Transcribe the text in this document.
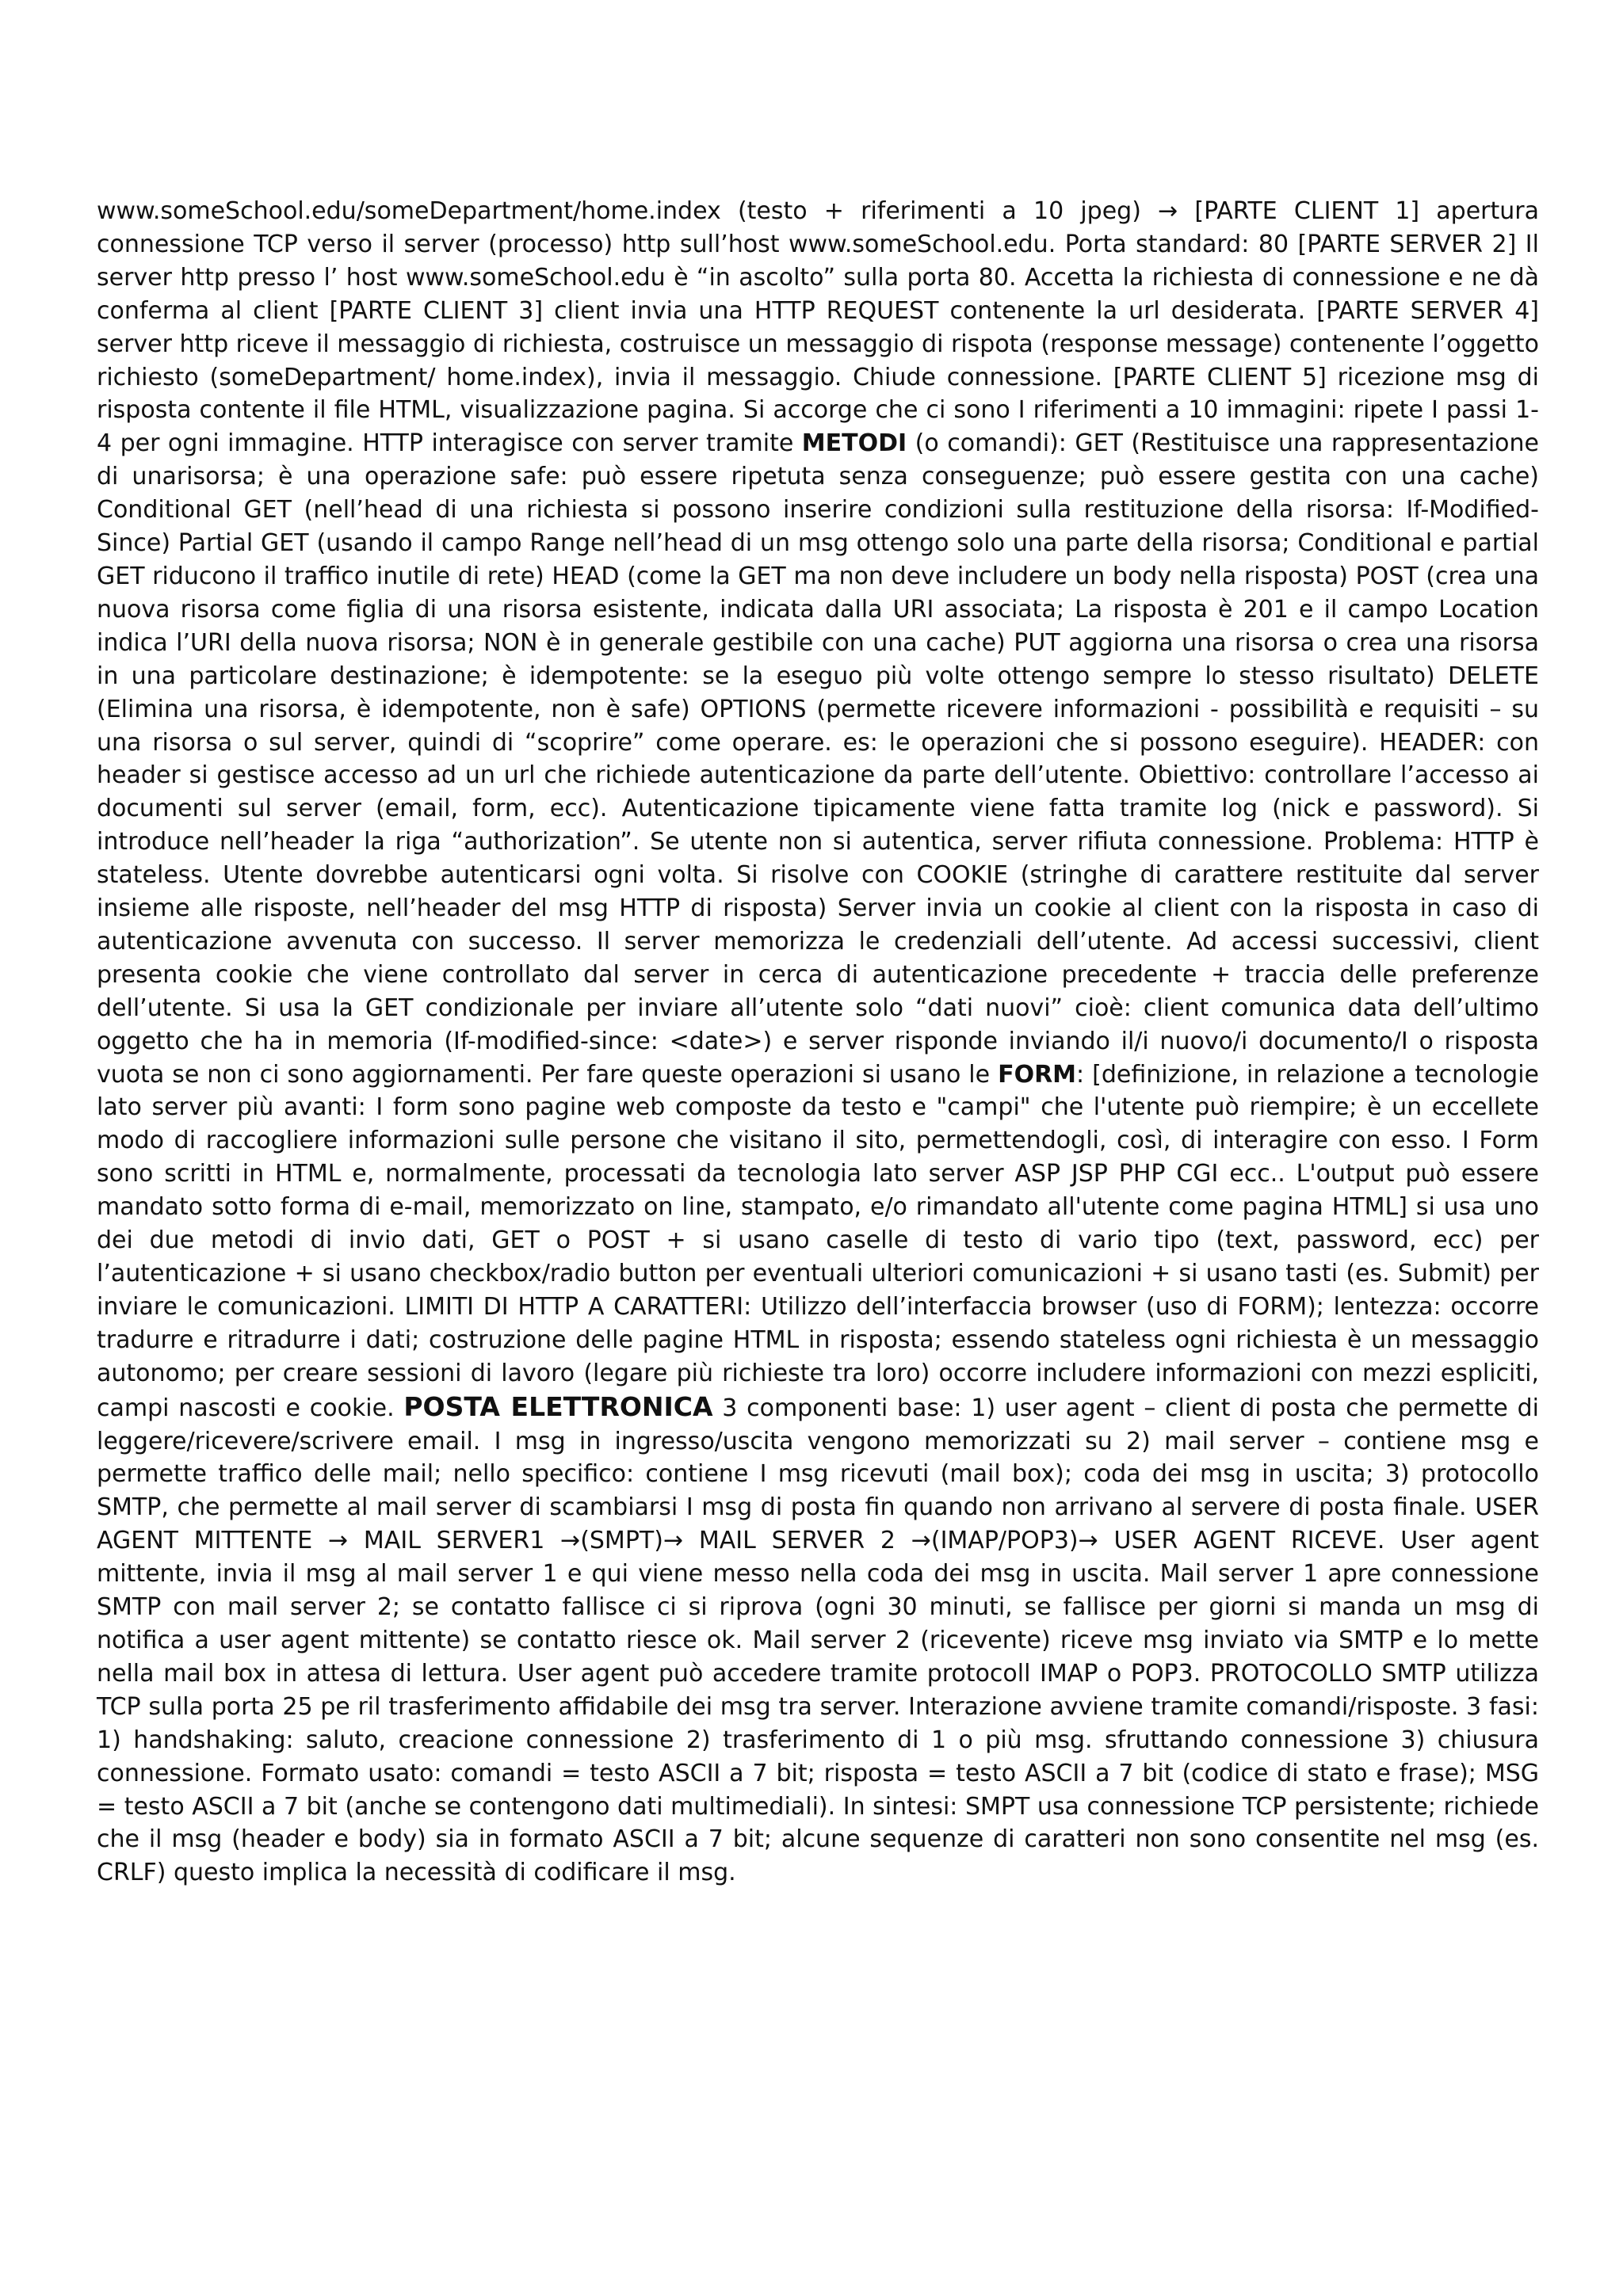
www.someSchool.edu/someDepartment/home.index (testo + riferimenti a 10 jpeg) → [PARTE CLIENT 1] apertura connessione TCP verso il server (processo) http sull’host www.someSchool.edu. Porta standard: 80 [PARTE SERVER 2] Il server http presso l’ host www.someSchool.edu è “in ascolto” sulla porta 80. Accetta la richiesta di connessione e ne dà conferma al client [PARTE CLIENT 3] client invia una HTTP REQUEST contenente la url desiderata. [PARTE SERVER 4] server http riceve il messaggio di richiesta, costruisce un messaggio di rispota (response message) contenente l’oggetto richiesto (someDepartment/ home.index), invia il messaggio. Chiude connessione. [PARTE CLIENT 5] ricezione msg di risposta contente il file HTML, visualizzazione pagina. Si accorge che ci sono I riferimenti a 10 immagini: ripete I passi 1-4 per ogni immagine. HTTP interagisce con server tramite METODI (o comandi): GET (Restituisce una rappresentazione di unarisorsa; è una operazione safe: può essere ripetuta senza conseguenze; può essere gestita con una cache) Conditional GET (nell’head di una richiesta si possono inserire condizioni sulla restituzione della risorsa: If-Modified-Since) Partial GET (usando il campo Range nell’head di un msg ottengo solo una parte della risorsa; Conditional e partial GET riducono il traffico inutile di rete) HEAD (come la GET ma non deve includere un body nella risposta) POST (crea una nuova risorsa come figlia di una risorsa esistente, indicata dalla URI associata; La risposta è 201 e il campo Location indica l’URI della nuova risorsa; NON è in generale gestibile con una cache) PUT aggiorna una risorsa o crea una risorsa in una particolare destinazione; è idempotente: se la eseguo più volte ottengo sempre lo stesso risultato) DELETE (Elimina una risorsa, è idempotente, non è safe) OPTIONS (permette ricevere informazioni - possibilità e requisiti – su una risorsa o sul server, quindi di “scoprire” come operare. es: le operazioni che si possono eseguire). HEADER: con header si gestisce accesso ad un url che richiede autenticazione da parte dell’utente. Obiettivo: controllare l’accesso ai documenti sul server (email, form, ecc). Autenticazione tipicamente viene fatta tramite log (nick e password). Si introduce nell’header la riga “authorization”. Se utente non si autentica, server rifiuta connessione. Problema: HTTP è stateless. Utente dovrebbe autenticarsi ogni volta. Si risolve con COOKIE (stringhe di carattere restituite dal server insieme alle risposte, nell’header del msg HTTP di risposta) Server invia un cookie al client con la risposta in caso di autenticazione avvenuta con successo. Il server memorizza le credenziali dell’utente. Ad accessi successivi, client presenta cookie che viene controllato dal server in cerca di autenticazione precedente + traccia delle preferenze dell’utente. Si usa la GET condizionale per inviare all’utente solo “dati nuovi” cioè: client comunica data dell’ultimo oggetto che ha in memoria (If-modified-since: <date>) e server risponde inviando il/i nuovo/i documento/I o risposta vuota se non ci sono aggiornamenti. Per fare queste operazioni si usano le FORM: [definizione, in relazione a tecnologie lato server più avanti: I form sono pagine web composte da testo e "campi" che l'utente può riempire; è un eccellete modo di raccogliere informazioni sulle persone che visitano il sito, permettendogli, così, di interagire con esso. I Form sono scritti in HTML e, normalmente, processati da tecnologia lato server ASP JSP PHP CGI ecc.. L'output può essere mandato sotto forma di e-mail, memorizzato on line, stampato, e/o rimandato all'utente come pagina HTML] si usa uno dei due metodi di invio dati, GET o POST + si usano caselle di testo di vario tipo (text, password, ecc) per l’autenticazione + si usano checkbox/radio button per eventuali ulteriori comunicazioni + si usano tasti (es. Submit) per inviare le comunicazioni. LIMITI DI HTTP A CARATTERI: Utilizzo dell’interfaccia browser (uso di FORM); lentezza: occorre tradurre e ritradurre i dati; costruzione delle pagine HTML in risposta; essendo stateless ogni richiesta è un messaggio autonomo; per creare sessioni di lavoro (legare più richieste tra loro) occorre includere informazioni con mezzi espliciti, campi nascosti e cookie. POSTA ELETTRONICA 3 componenti base: 1) user agent – client di posta che permette di leggere/ricevere/scrivere email. I msg in ingresso/uscita vengono memorizzati su 2) mail server – contiene msg e permette traffico delle mail; nello specifico: contiene I msg ricevuti (mail box); coda dei msg in uscita; 3) protocollo SMTP, che permette al mail server di scambiarsi I msg di posta fin quando non arrivano al servere di posta finale. USER AGENT MITTENTE → MAIL SERVER1 →(SMPT)→ MAIL SERVER 2 →(IMAP/POP3)→ USER AGENT RICEVE. User agent mittente, invia il msg al mail server 1 e qui viene messo nella coda dei msg in uscita. Mail server 1 apre connessione SMTP con mail server 2; se contatto fallisce ci si riprova (ogni 30 minuti, se fallisce per giorni si manda un msg di notifica a user agent mittente) se contatto riesce ok. Mail server 2 (ricevente) riceve msg inviato via SMTP e lo mette nella mail box in attesa di lettura. User agent può accedere tramite protocoll IMAP o POP3. PROTOCOLLO SMTP utilizza TCP sulla porta 25 pe ril trasferimento affidabile dei msg tra server. Interazione avviene tramite comandi/risposte. 3 fasi: 1) handshaking: saluto, creacione connessione 2) trasferimento di 1 o più msg. sfruttando connessione 3) chiusura connessione. Formato usato: comandi = testo ASCII a 7 bit; risposta = testo ASCII a 7 bit (codice di stato e frase); MSG = testo ASCII a 7 bit (anche se contengono dati multimediali). In sintesi: SMPT usa connessione TCP persistente; richiede che il msg (header e body) sia in formato ASCII a 7 bit; alcune sequenze di caratteri non sono consentite nel msg (es. CRLF) questo implica la necessità di codificare il msg.
